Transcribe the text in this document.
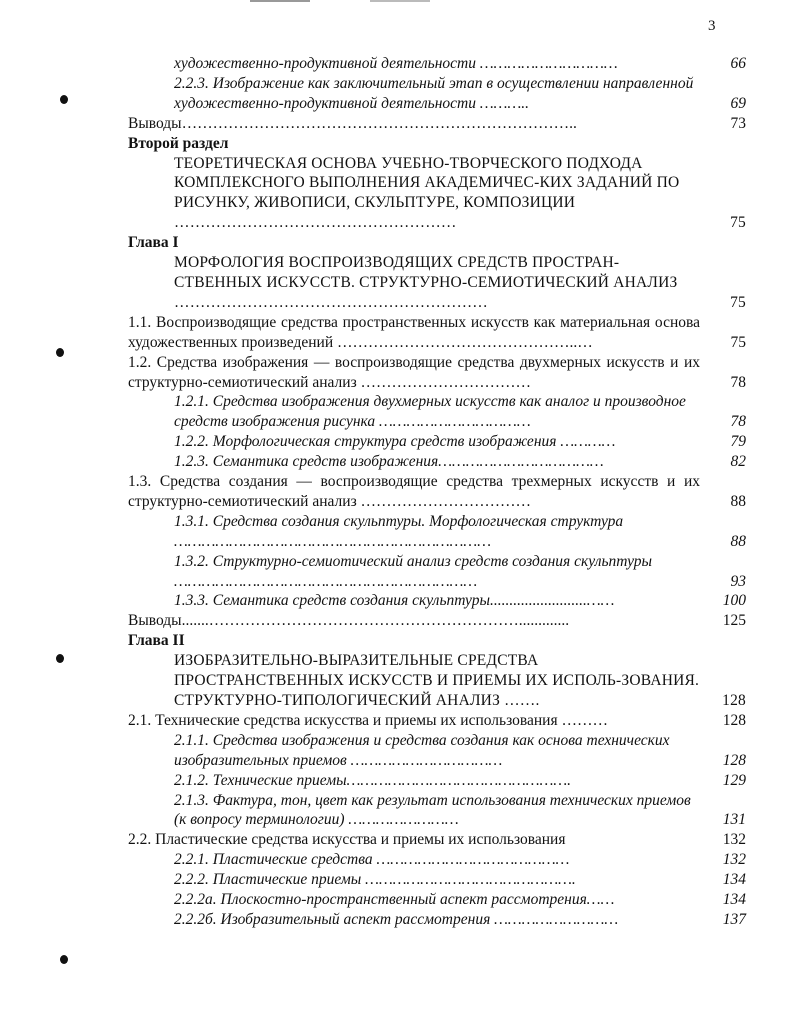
3
художественно-продуктивной деятельности …………………………	66
2.2.3. Изображение как заключительный этап в осуществлении направленной художественно-продуктивной деятельности ………..	69
Выводы…………………………………………………………………..	73
Второй раздел
ТЕОРЕТИЧЕСКАЯ ОСНОВА УЧЕБНО-ТВОРЧЕСКОГО ПОДХОДА КОМПЛЕКСНОГО ВЫПОЛНЕНИЯ АКАДЕМИЧЕС-КИХ ЗАДАНИЙ ПО РИСУНКУ, ЖИВОПИСИ, СКУЛЬПТУРЕ, КОМПОЗИЦИИ ………………………………………………	75
Глава I
МОРФОЛОГИЯ ВОСПРОИЗВОДЯЩИХ СРЕДСТВ ПРОСТРАН-СТВЕННЫХ ИСКУССТВ. СТРУКТУРНО-СЕМИОТИЧЕСКИЙ АНАЛИЗ ……………………………………………………	75
1.1. Воспроизводящие средства пространственных искусств как материальная основа художественных произведений ………………………………………..…	75
1.2. Средства изображения — воспроизводящие средства двухмерных искусств и их структурно-семиотический анализ ……………………………	78
1.2.1. Средства изображения двухмерных искусств как аналог и производное средств изображения рисунка ……………………………	78
1.2.2. Морфологическая структура средств изображения …………	79
1.2.3. Семантика средств изображения………………………………	82
1.3. Средства создания — воспроизводящие средства трехмерных искусств и их структурно-семиотический анализ ……………………………	88
1.3.1. Средства создания скульптуры. Морфологическая структура ……………………………………………………………	88
1.3.2. Структурно-семиотический анализ средств создания скульптуры …………………………………………………………	93
1.3.3. Семантика средств создания скульптуры.........................……	100
Выводы.......…………………………………………………….............	125
Глава II
ИЗОБРАЗИТЕЛЬНО-ВЫРАЗИТЕЛЬНЫЕ СРЕДСТВА ПРОСТРАНСТВЕННЫХ ИСКУССТВ И ПРИЕМЫ ИХ ИСПОЛЬ-ЗОВАНИЯ. СТРУКТУРНО-ТИПОЛОГИЧЕСКИЙ АНАЛИЗ …….	128
2.1. Технические средства искусства и приемы их использования ………	128
2.1.1. Средства изображения и средства создания как основа технических изобразительных приемов ……………………………	128
2.1.2. Технические приемы………………………………………….	129
2.1.3. Фактура, тон, цвет как результат использования технических приемов (к вопросу терминологии) ……………………	131
2.2. Пластические средства искусства и приемы их использования	132
2.2.1. Пластические средства ……………………………………	132
2.2.2. Пластические приемы ……………………………………….	134
2.2.2а. Плоскостно-пространственный аспект рассмотрения……	134
2.2.2б. Изобразительный аспект рассмотрения ………………………	137
